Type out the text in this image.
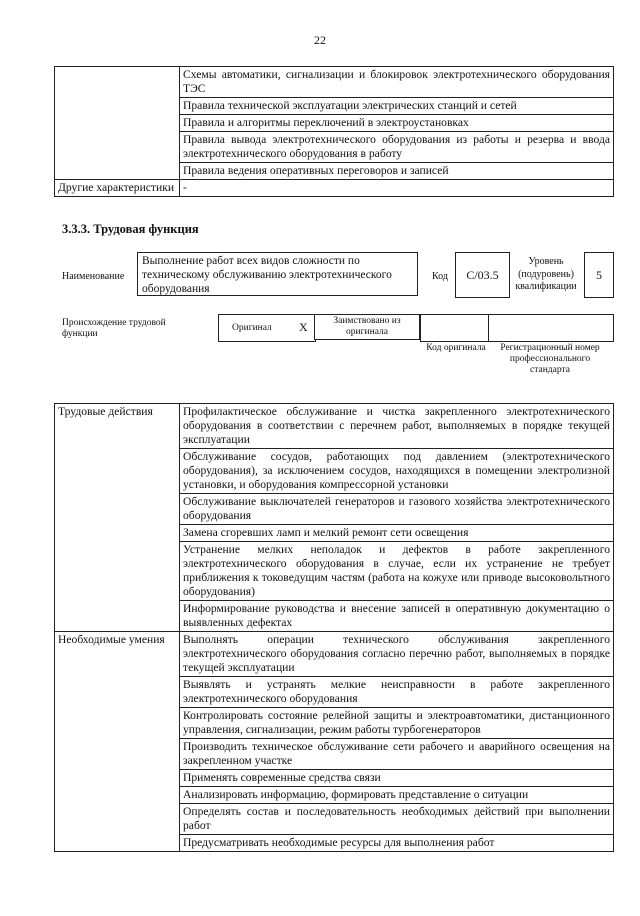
22
	Схемы автоматики, сигнализации и блокировок электротехнического оборудования ТЭС
	Правила технической эксплуатации электрических станций и сетей
	Правила и алгоритмы переключений в электроустановках
	Правила вывода электротехнического оборудования из работы и резерва и ввода электротехнического оборудования в работу
	Правила ведения оперативных переговоров и записей
Другие характеристики	-
3.3.3. Трудовая функция
Наименование
Выполнение работ всех видов сложности по техническому обслуживанию электротехнического оборудования
Код	C/03.5
Уровень (подуровень) квалификации
5
Происхождение трудовой функции
Оригинал X	Заимствовано из оригинала
Код оригинала	Регистрационный номер профессионального стандарта
Трудовые действия	Профилактическое обслуживание и чистка закрепленного электротехнического оборудования в соответствии с перечнем работ, выполняемых в порядке текущей эксплуатации
	Обслуживание сосудов, работающих под давлением (электротехнического оборудования), за исключением сосудов, находящихся в помещении электролизной установки, и оборудования компрессорной установки
	Обслуживание выключателей генераторов и газового хозяйства электротехнического оборудования
	Замена сгоревших ламп и мелкий ремонт сети освещения
	Устранение мелких неполадок и дефектов в работе закрепленного электротехнического оборудования в случае, если их устранение не требует приближения к токоведущим частям (работа на кожухе или приводе высоковольтного оборудования)
	Информирование руководства и внесение записей в оперативную документацию о выявленных дефектах
Необходимые умения	Выполнять операции технического обслуживания закрепленного электротехнического оборудования согласно перечню работ, выполняемых в порядке текущей эксплуатации
	Выявлять и устранять мелкие неисправности в работе закрепленного электротехнического оборудования
	Контролировать состояние релейной защиты и электроавтоматики, дистанционного управления, сигнализации, режим работы турбогенераторов
	Производить техническое обслуживание сети рабочего и аварийного освещения на закрепленном участке
	Применять современные средства связи
	Анализировать информацию, формировать представление о ситуации
	Определять состав и последовательность необходимых действий при выполнении работ
	Предусматривать необходимые ресурсы для выполнения работ
